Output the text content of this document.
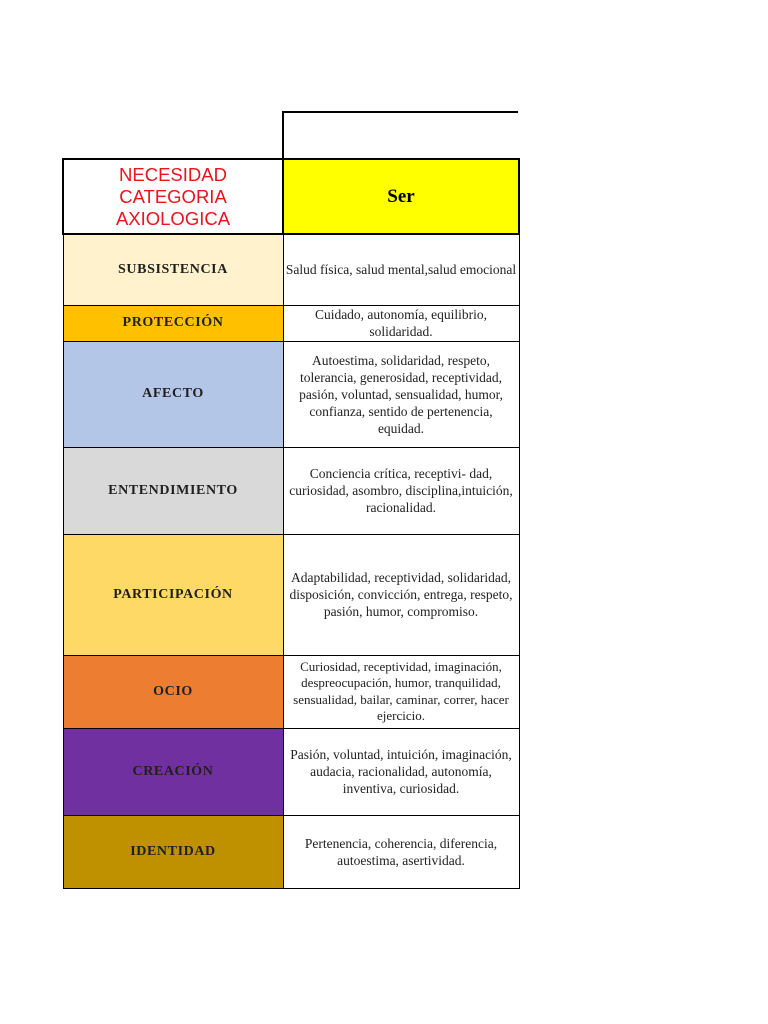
NECESIDAD CATEGORIA AXIOLOGICA	Ser
SUBSISTENCIA	Salud física, salud mental,salud emocional
PROTECCIÓN	Cuidado, autonomía, equilibrio, solidaridad.
AFECTO	Autoestima, solidaridad, respeto, tolerancia, generosidad, receptividad, pasión, voluntad, sensualidad, humor, confianza, sentido de pertenencia, equidad.
ENTENDIMIENTO	Conciencia crítica, receptivi- dad, curiosidad, asombro, disciplina,intuición, racionalidad.
PARTICIPACIÓN	Adaptabilidad, receptividad, solidaridad, disposición, convicción, entrega, respeto, pasión, humor, compromiso.
OCIO	Curiosidad, receptividad, imaginación, despreocupación, humor, tranquilidad, sensualidad, bailar, caminar, correr, hacer ejercicio.
CREACIÓN	Pasión, voluntad, intuición, imaginación, audacia, racionalidad, autonomía, inventiva, curiosidad.
IDENTIDAD	Pertenencia, coherencia, diferencia, autoestima, asertividad.
